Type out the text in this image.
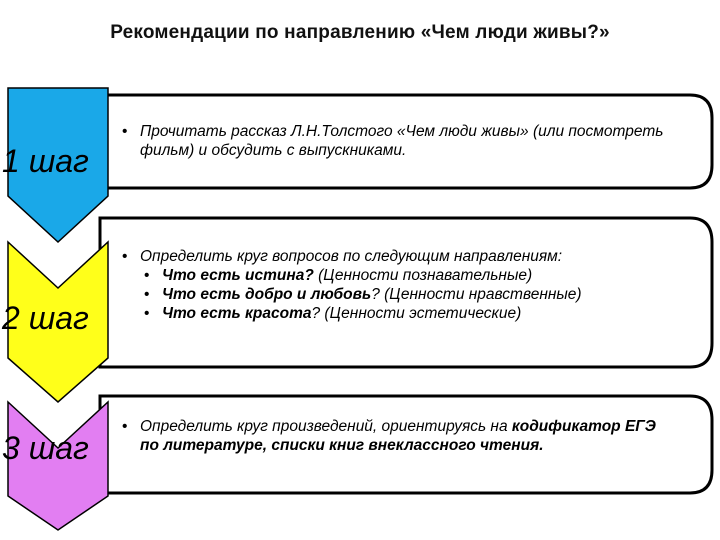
Рекомендации по направлению «Чем люди живы?»
1 шаг
2 шаг
3 шаг
• Прочитать рассказ Л.Н.Толстого «Чем люди живы» (или посмотреть фильм) и обсудить с выпускниками.
• Определить круг вопросов по следующим направлениям:
• Что есть истина? (Ценности познавательные)
• Что есть добро и любовь? (Ценности нравственные)
• Что есть красота? (Ценности эстетические)
• Определить круг произведений, ориентируясь на кодификатор ЕГЭ по литературе, списки книг внеклассного чтения.
